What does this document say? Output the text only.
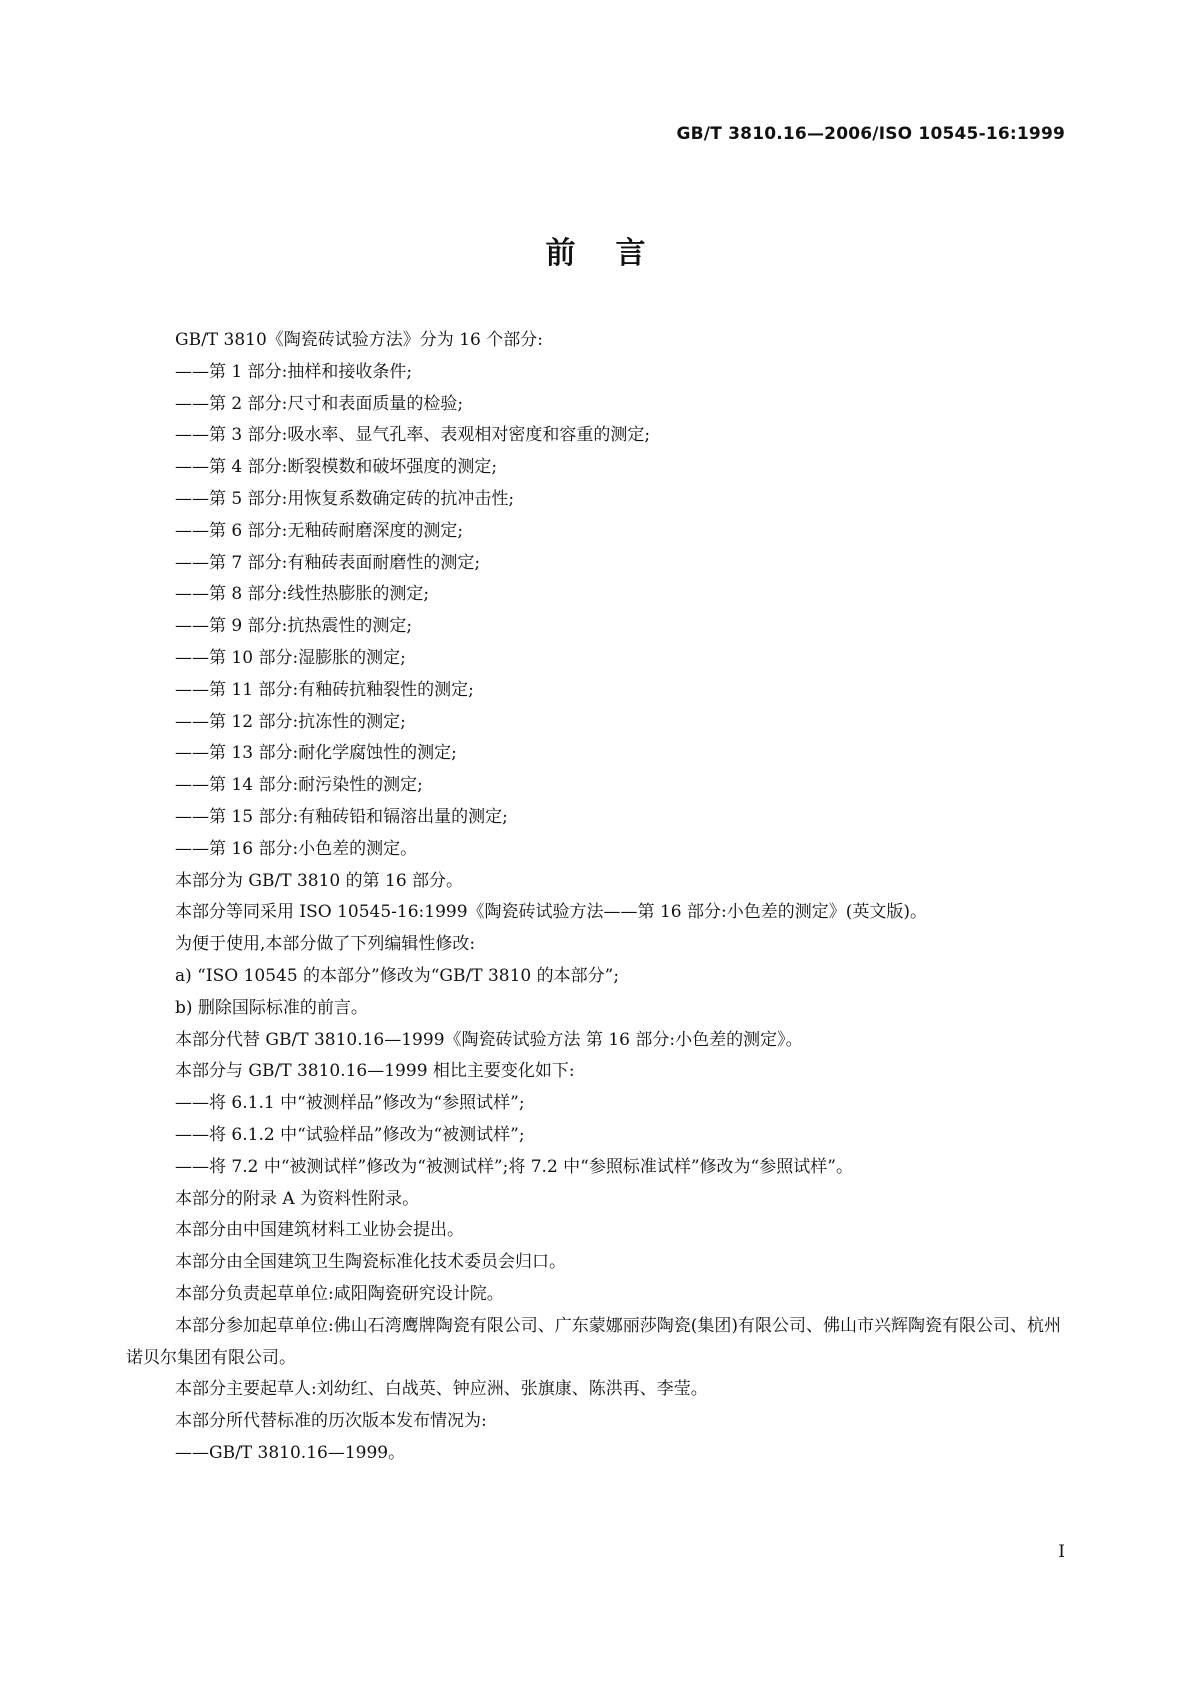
GB/T 3810.16—2006/ISO 10545-16:1999
前言
GB/T 3810《陶瓷砖试验方法》分为 16 个部分:
——第 1 部分:抽样和接收条件;
——第 2 部分:尺寸和表面质量的检验;
——第 3 部分:吸水率、显气孔率、表观相对密度和容重的测定;
——第 4 部分:断裂模数和破坏强度的测定;
——第 5 部分:用恢复系数确定砖的抗冲击性;
——第 6 部分:无釉砖耐磨深度的测定;
——第 7 部分:有釉砖表面耐磨性的测定;
——第 8 部分:线性热膨胀的测定;
——第 9 部分:抗热震性的测定;
——第 10 部分:湿膨胀的测定;
——第 11 部分:有釉砖抗釉裂性的测定;
——第 12 部分:抗冻性的测定;
——第 13 部分:耐化学腐蚀性的测定;
——第 14 部分:耐污染性的测定;
——第 15 部分:有釉砖铅和镉溶出量的测定;
——第 16 部分:小色差的测定。
本部分为 GB/T 3810 的第 16 部分。
本部分等同采用 ISO 10545-16:1999《陶瓷砖试验方法——第 16 部分:小色差的测定》(英文版)。
为便于使用,本部分做了下列编辑性修改:
a) “ISO 10545 的本部分”修改为“GB/T 3810 的本部分”;
b) 删除国际标准的前言。
本部分代替 GB/T 3810.16—1999《陶瓷砖试验方法 第 16 部分:小色差的测定》。
本部分与 GB/T 3810.16—1999 相比主要变化如下:
——将 6.1.1 中“被测样品”修改为“参照试样”;
——将 6.1.2 中“试验样品”修改为“被测试样”;
——将 7.2 中“被测试样”修改为“被测试样”;将 7.2 中“参照标准试样”修改为“参照试样”。
本部分的附录 A 为资料性附录。
本部分由中国建筑材料工业协会提出。
本部分由全国建筑卫生陶瓷标准化技术委员会归口。
本部分负责起草单位:咸阳陶瓷研究设计院。
本部分参加起草单位:佛山石湾鹰牌陶瓷有限公司、广东蒙娜丽莎陶瓷(集团)有限公司、佛山市兴辉陶瓷有限公司、杭州诺贝尔集团有限公司。
本部分主要起草人:刘幼红、白战英、钟应洲、张旗康、陈洪再、李莹。
本部分所代替标准的历次版本发布情况为:
——GB/T 3810.16—1999。
I
